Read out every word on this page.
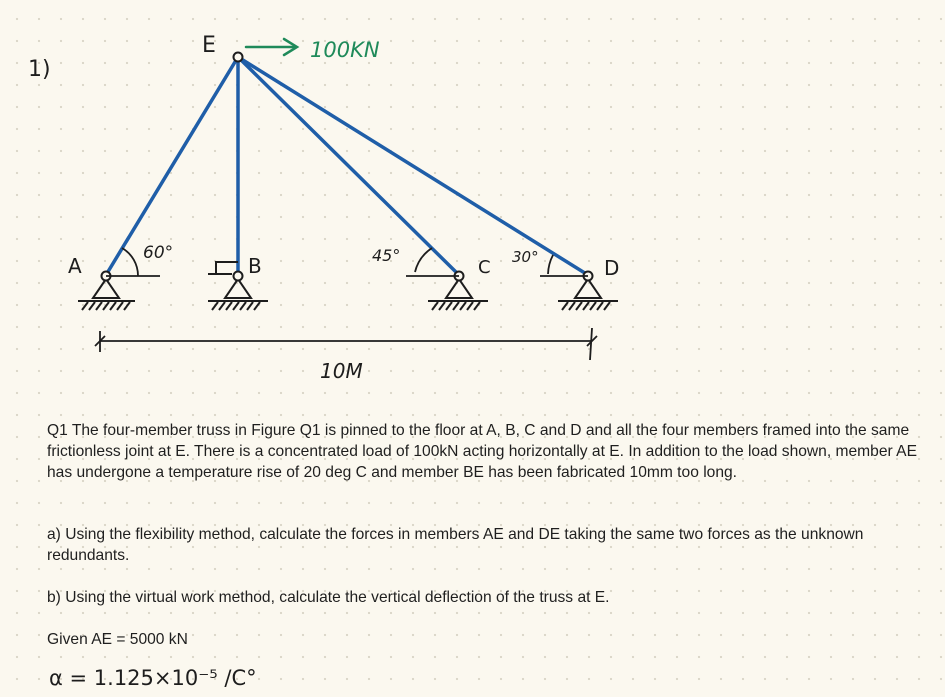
1)
E	100KN
A
60°
B	C
45°
D
30°
10M
Q1 The four-member truss in Figure Q1 is pinned to the floor at A, B, C and D and all the four members framed into the same frictionless joint at E. There is a concentrated load of 100kN acting horizontally at E. In addition to the load shown, member AE has undergone a temperature rise of 20 deg C and member BE has been fabricated 10mm too long.
a) Using the flexibility method, calculate the forces in members AE and DE taking the same two forces as the unknown redundants.
b) Using the virtual work method, calculate the vertical deflection of the truss at E.
Given AE = 5000 kN
α = 1.125×10⁻⁵ /C°
